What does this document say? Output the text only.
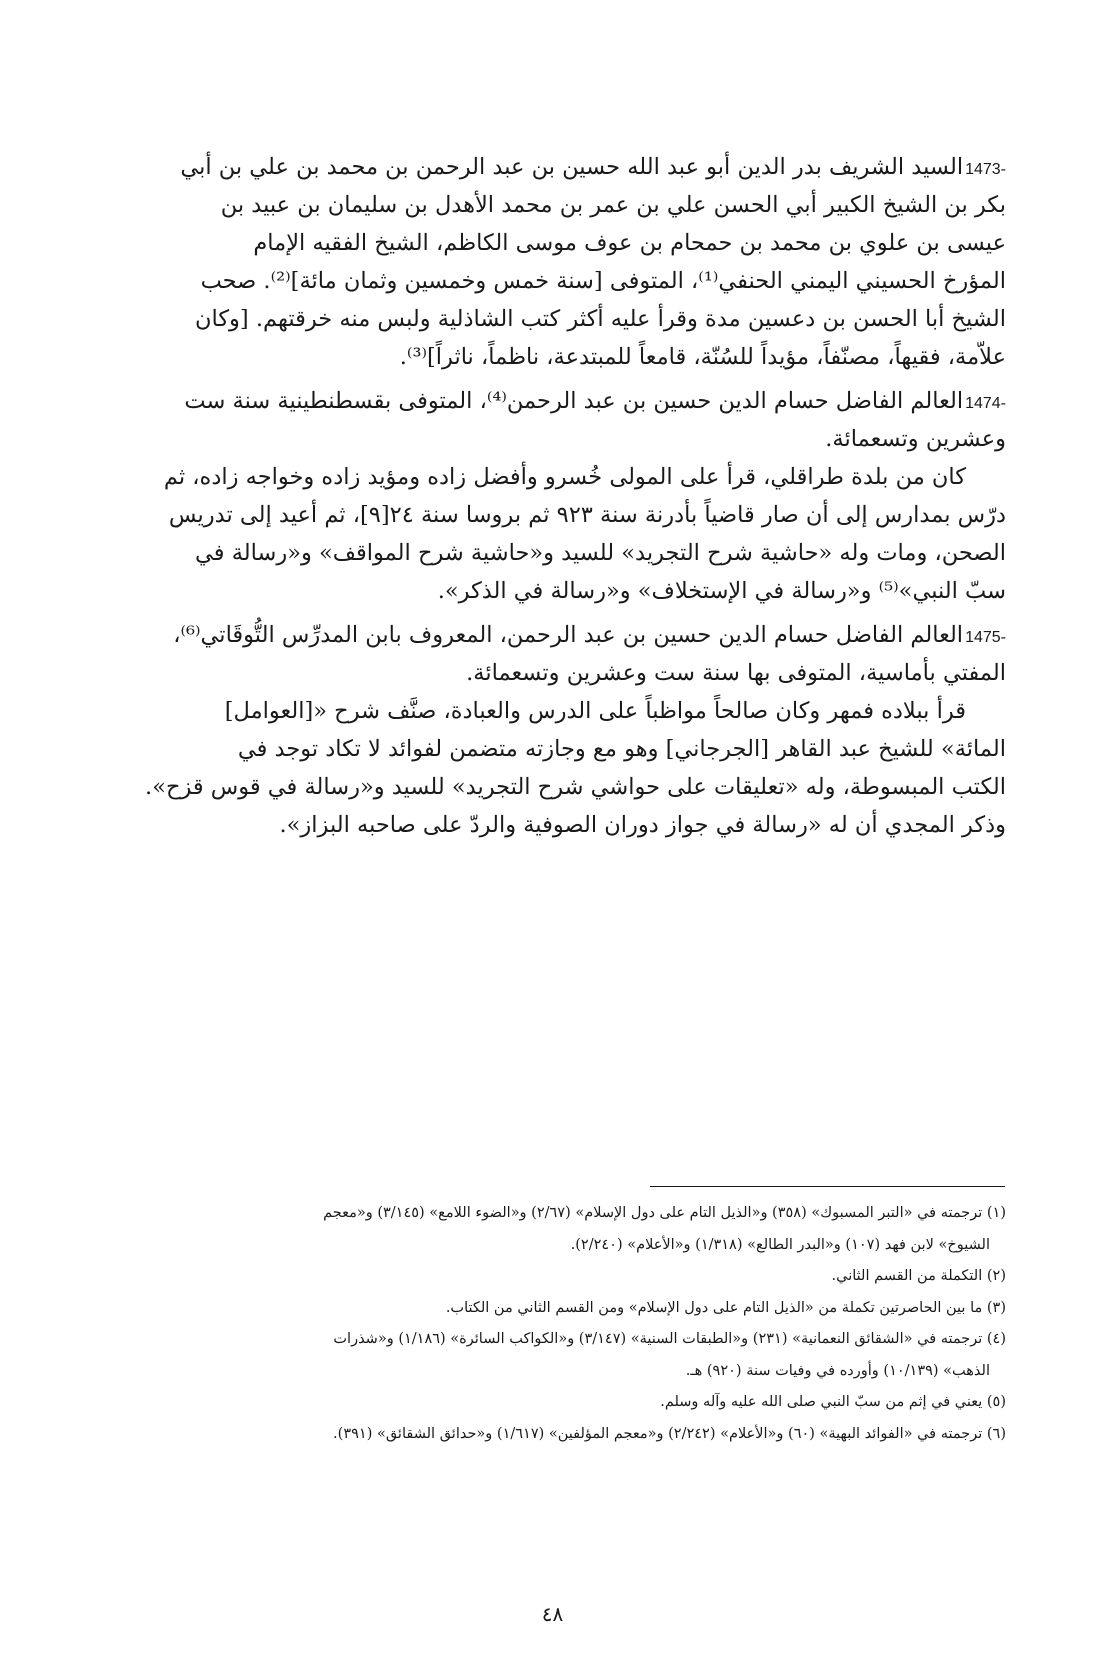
1473-السيد الشريف بدر الدين أبو عبد الله حسين بن عبد الرحمن بن محمد بن علي بن أبي
بكر بن الشيخ الكبير أبي الحسن علي بن عمر بن محمد الأهدل بن سليمان بن عبيد بن
عيسى بن علوي بن محمد بن حمحام بن عوف موسى الكاظم، الشيخ الفقيه الإمام
المؤرخ الحسيني اليمني الحنفي⁽¹⁾، المتوفى [سنة خمس وخمسين وثمان مائة]⁽²⁾. صحب
الشيخ أبا الحسن بن دعسين مدة وقرأ عليه أكثر كتب الشاذلية ولبس منه خرقتهم. [وكان
علاّمة، فقيهاً، مصنّفاً، مؤيداً للسُنّة، قامعاً للمبتدعة، ناظماً، ناثراً]⁽³⁾.
1474-العالم الفاضل حسام الدين حسين بن عبد الرحمن⁽⁴⁾، المتوفى بقسطنطينية سنة ست
وعشرين وتسعمائة.
كان من بلدة طراقلي، قرأ على المولى خُسرو وأفضل زاده ومؤيد زاده وخواجه زاده، ثم
درّس بمدارس إلى أن صار قاضياً بأدرنة سنة ٩٢٣ ثم بروسا سنة ٢٤[٩]، ثم أعيد إلى تدريس
الصحن، ومات وله «حاشية شرح التجريد» للسيد و«حاشية شرح المواقف» و«رسالة في
سبّ النبي»⁽⁵⁾ و«رسالة في الإستخلاف» و«رسالة في الذكر».
1475-العالم الفاضل حسام الدين حسين بن عبد الرحمن، المعروف بابن المدرِّس التُّوقَاتي⁽⁶⁾،
المفتي بأماسية، المتوفى بها سنة ست وعشرين وتسعمائة.
قرأ ببلاده فمهر وكان صالحاً مواظباً على الدرس والعبادة، صنَّف شرح «[العوامل]
المائة» للشيخ عبد القاهر [الجرجاني] وهو مع وجازته متضمن لفوائد لا تكاد توجد في
الكتب المبسوطة، وله «تعليقات على حواشي شرح التجريد» للسيد و«رسالة في قوس قزح».
وذكر المجدي أن له «رسالة في جواز دوران الصوفية والردّ على صاحبه البزاز».
(١) ترجمته في «التبر المسبوك» (٣٥٨) و«الذيل التام على دول الإسلام» (٢/٦٧) و«الضوء اللامع» (٣/١٤٥) و«معجم
الشيوخ» لابن فهد (١٠٧) و«البدر الطالع» (١/٣١٨) و«الأعلام» (٢/٢٤٠).
(٢) التكملة من القسم الثاني.
(٣) ما بين الحاصرتين تكملة من «الذيل التام على دول الإسلام» ومن القسم الثاني من الكتاب.
(٤) ترجمته في «الشقائق النعمانية» (٢٣١) و«الطبقات السنية» (٣/١٤٧) و«الكواكب السائرة» (١/١٨٦) و«شذرات
الذهب» (١٠/١٣٩) وأورده في وفيات سنة (٩٢٠) هـ.
(٥) يعني في إثم من سبّ النبي صلى الله عليه وآله وسلم.
(٦) ترجمته في «الفوائد البهية» (٦٠) و«الأعلام» (٢/٢٤٢) و«معجم المؤلفين» (١/٦١٧) و«حدائق الشقائق» (٣٩١).
٤٨
